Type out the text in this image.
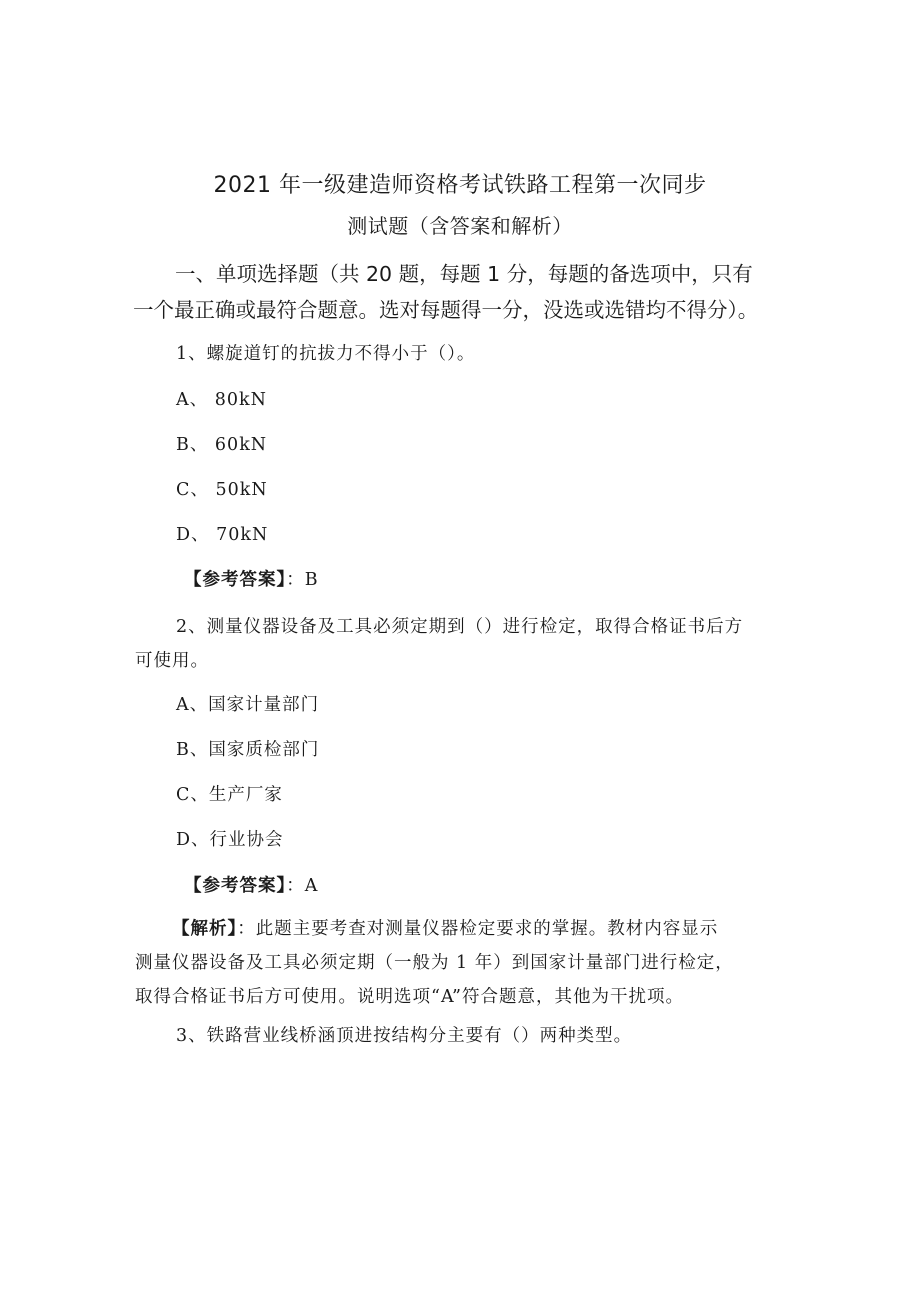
2021 年一级建造师资格考试铁路工程第一次同步
测试题（含答案和解析）
一、单项选择题（共 20 题，每题 1 分，每题的备选项中，只有
一个最正确或最符合题意。选对每题得一分，没选或选错均不得分）。
1、螺旋道钉的抗拔力不得小于（）。
A、 80kN
B、 60kN
C、 50kN
D、 70kN
【参考答案】：B
2、测量仪器设备及工具必须定期到（）进行检定，取得合格证书后方
可使用。
A、国家计量部门
B、国家质检部门
C、生产厂家
D、行业协会
【参考答案】：A
【解析】：此题主要考查对测量仪器检定要求的掌握。教材内容显示
测量仪器设备及工具必须定期（一般为 1 年）到国家计量部门进行检定，
取得合格证书后方可使用。说明选项“A”符合题意，其他为干扰项。
3、铁路营业线桥涵顶进按结构分主要有（）两种类型。
